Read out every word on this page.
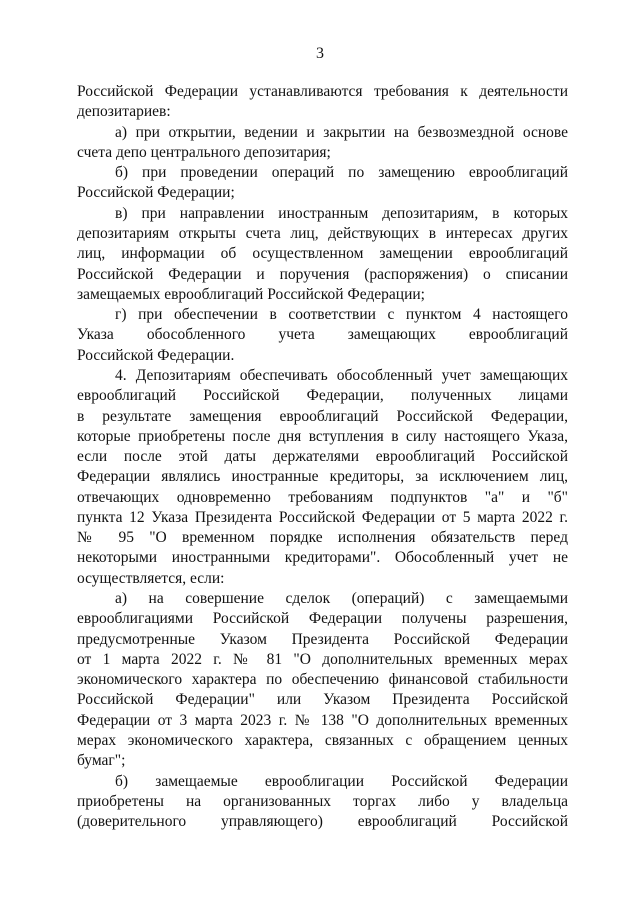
3
Российской Федерации устанавливаются требования к деятельности
депозитариев:
а) при открытии, ведении и закрытии на безвозмездной основе
счета депо центрального депозитария;
б) при проведении операций по замещению еврооблигаций
Российской Федерации;
в) при направлении иностранным депозитариям, в которых
депозитариям открыты счета лиц, действующих в интересах других
лиц, информации об осуществленном замещении еврооблигаций
Российской Федерации и поручения (распоряжения) о списании
замещаемых еврооблигаций Российской Федерации;
г) при обеспечении в соответствии с пунктом 4 настоящего
Указа обособленного учета замещающих еврооблигаций
Российской Федерации.
4. Депозитариям обеспечивать обособленный учет замещающих
еврооблигаций Российской Федерации, полученных лицами
в результате замещения еврооблигаций Российской Федерации,
которые приобретены после дня вступления в силу настоящего Указа,
если после этой даты держателями еврооблигаций Российской
Федерации являлись иностранные кредиторы, за исключением лиц,
отвечающих одновременно требованиям подпунктов "а" и "б"
пункта 12 Указа Президента Российской Федерации от 5 марта 2022 г.
№ 95 "О временном порядке исполнения обязательств перед
некоторыми иностранными кредиторами". Обособленный учет не
осуществляется, если:
а) на совершение сделок (операций) с замещаемыми
еврооблигациями Российской Федерации получены разрешения,
предусмотренные Указом Президента Российской Федерации
от 1 марта 2022 г. № 81 "О дополнительных временных мерах
экономического характера по обеспечению финансовой стабильности
Российской Федерации" или Указом Президента Российской
Федерации от 3 марта 2023 г. № 138 "О дополнительных временных
мерах экономического характера, связанных с обращением ценных
бумаг";
б) замещаемые еврооблигации Российской Федерации
приобретены на организованных торгах либо у владельца
(доверительного управляющего) еврооблигаций Российской
